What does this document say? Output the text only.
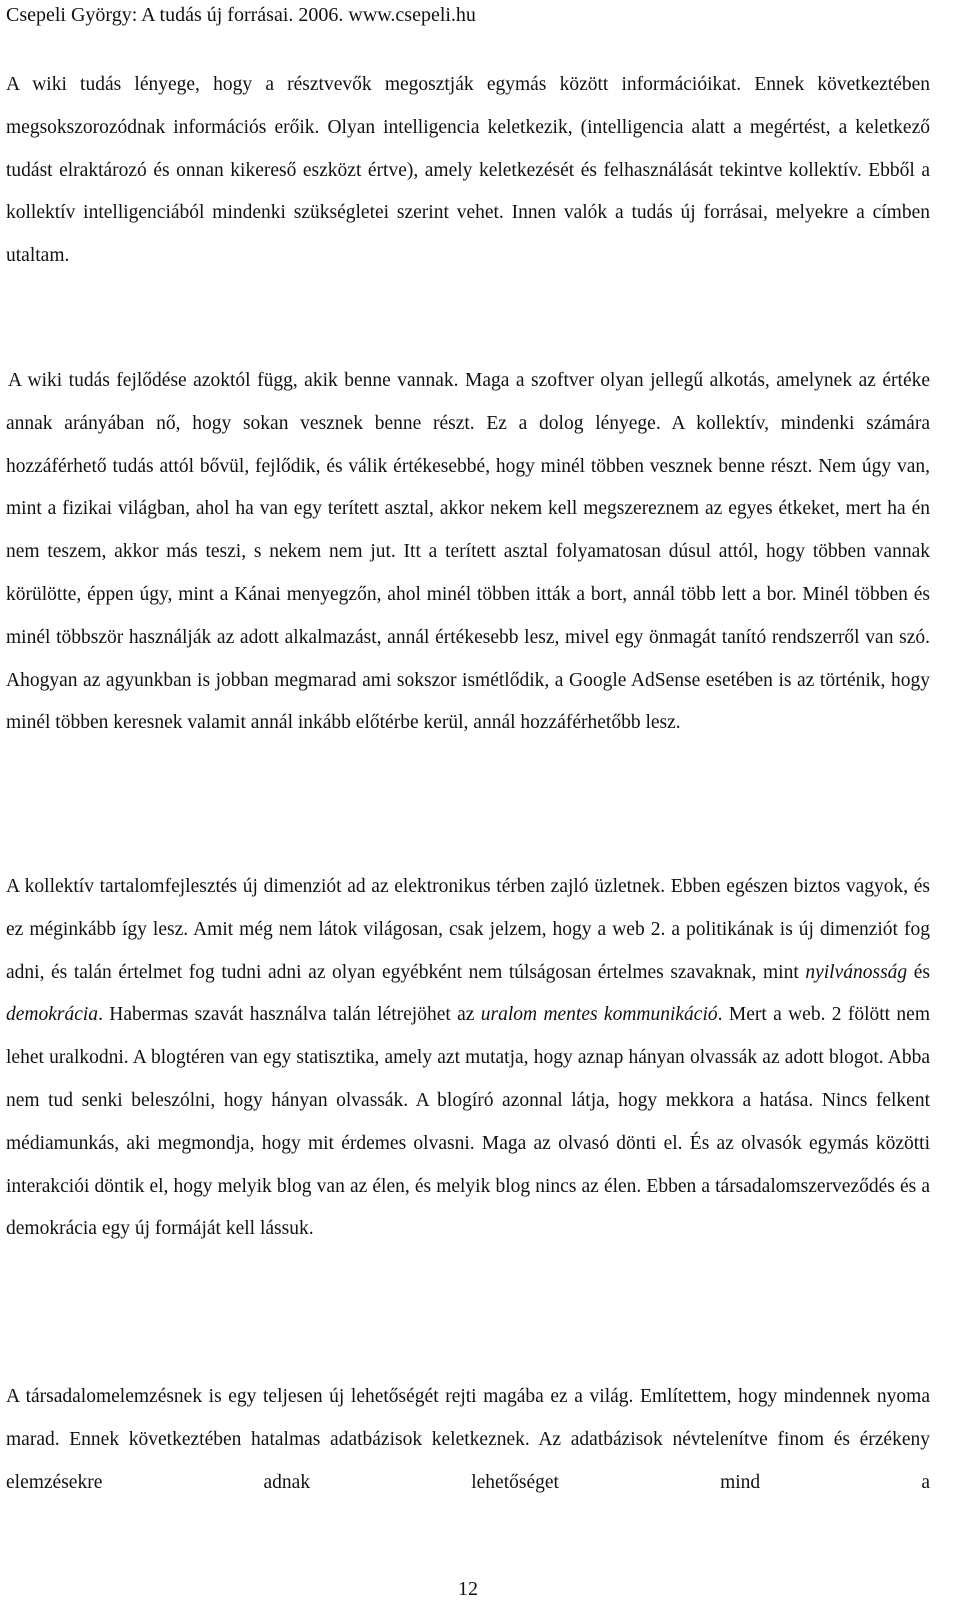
Csepeli György: A tudás új forrásai. 2006. www.csepeli.hu

A wiki tudás lényege, hogy a résztvevők megosztják egymás között információikat. Ennek következtében megsokszorozódnak információs erőik. Olyan intelligencia keletkezik, (intelligencia alatt a megértést, a keletkező tudást elraktározó és onnan kikereső eszközt értve), amely keletkezését és felhasználását tekintve kollektív. Ebből a kollektív intelligenciából mindenki szükségletei szerint vehet. Innen valók a tudás új forrásai, melyekre a címben utaltam.

A wiki tudás fejlődése azoktól függ, akik benne vannak. Maga a szoftver olyan jellegű alkotás, amelynek az értéke annak arányában nő, hogy sokan vesznek benne részt. Ez a dolog lényege. A kollektív, mindenki számára hozzáférhető tudás attól bővül, fejlődik, és válik értékesebbé, hogy minél többen vesznek benne részt. Nem úgy van, mint a fizikai világban, ahol ha van egy terített asztal, akkor nekem kell megszereznem az egyes étkeket, mert ha én nem teszem, akkor más teszi, s nekem nem jut. Itt a terített asztal folyamatosan dúsul attól, hogy többen vannak körülötte, éppen úgy, mint a Kánai menyegzőn, ahol minél többen itták a bort, annál több lett a bor. Minél többen és minél többször használják az adott alkalmazást, annál értékesebb lesz, mivel egy önmagát tanító rendszerről van szó. Ahogyan az agyunkban is jobban megmarad ami sokszor ismétlődik, a Google AdSense esetében is az történik, hogy minél többen keresnek valamit annál inkább előtérbe kerül, annál hozzáférhetőbb lesz.

A kollektív tartalomfejlesztés új dimenziót ad az elektronikus térben zajló üzletnek. Ebben egészen biztos vagyok, és ez méginkább így lesz. Amit még nem látok világosan, csak jelzem, hogy a web 2. a politikának is új dimenziót fog adni, és talán értelmet fog tudni adni az olyan egyébként nem túlságosan értelmes szavaknak, mint nyilvánosság és demokrácia. Habermas szavát használva talán létrejöhet az uralom mentes kommunikáció. Mert a web. 2 fölött nem lehet uralkodni. A blogtéren van egy statisztika, amely azt mutatja, hogy aznap hányan olvassák az adott blogot. Abba nem tud senki beleszólni, hogy hányan olvassák. A blogíró azonnal látja, hogy mekkora a hatása. Nincs felkent médiamunkás, aki megmondja, hogy mit érdemes olvasni. Maga az olvasó dönti el. És az olvasók egymás közötti interakciói döntik el, hogy melyik blog van az élen, és melyik blog nincs az élen. Ebben a társadalomszerveződés és a demokrácia egy új formáját kell lássuk.

A társadalomelemzésnek is egy teljesen új lehetőségét rejti magába ez a világ. Említettem, hogy mindennek nyoma marad. Ennek következtében hatalmas adatbázisok keletkeznek. Az adatbázisok névtelenítve finom és érzékeny elemzésekre adnak lehetőséget mind a

12
